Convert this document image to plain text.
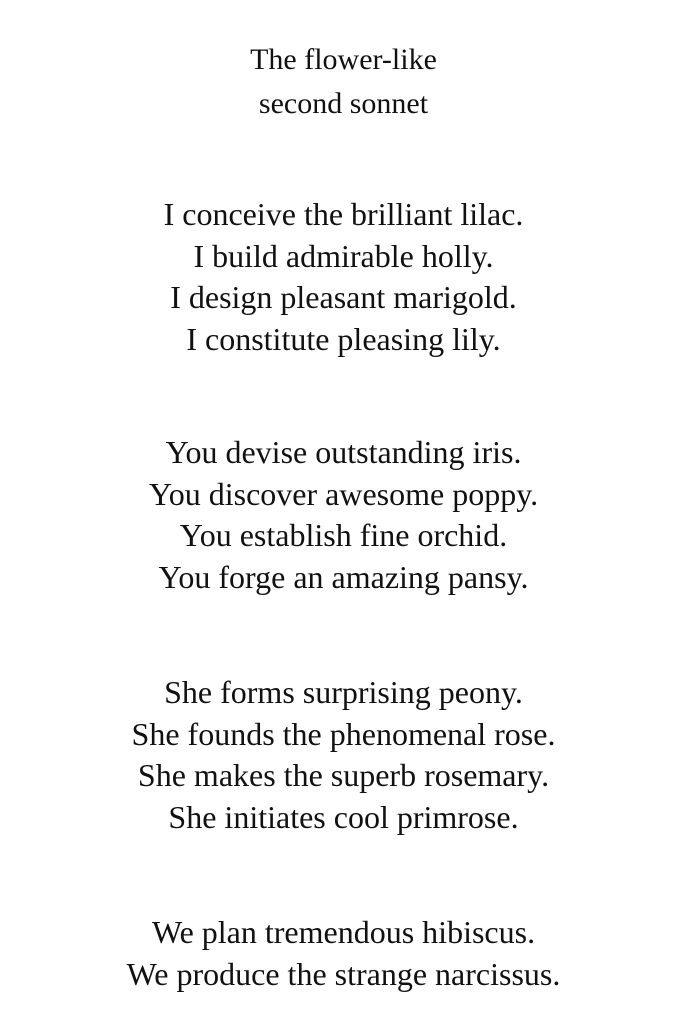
The flower-like
second sonnet
I conceive the brilliant lilac.
I build admirable holly.
I design pleasant marigold.
I constitute pleasing lily.
You devise outstanding iris.
You discover awesome poppy.
You establish fine orchid.
You forge an amazing pansy.
She forms surprising peony.
She founds the phenomenal rose.
She makes the superb rosemary.
She initiates cool primrose.
We plan tremendous hibiscus.
We produce the strange narcissus.
